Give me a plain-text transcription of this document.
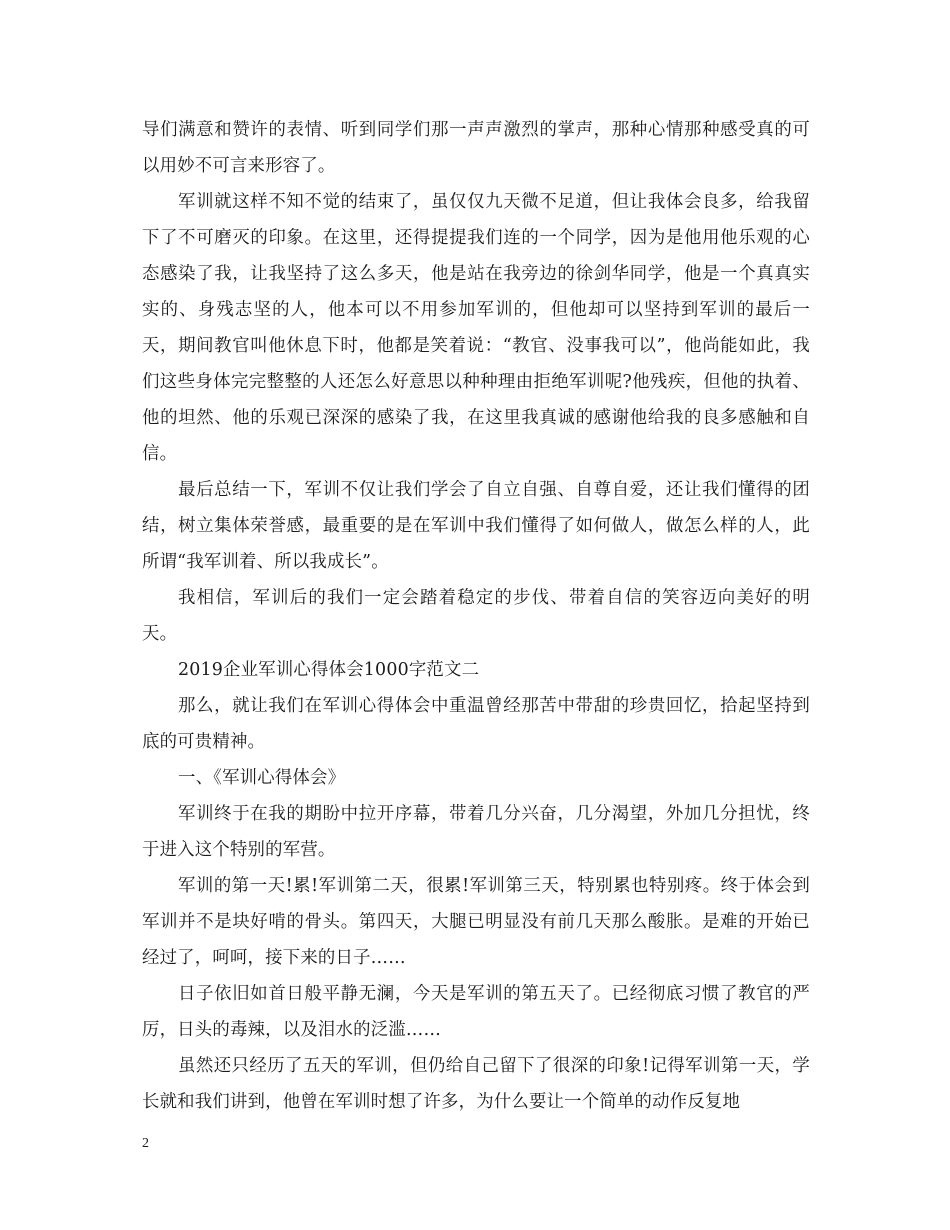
导们满意和赞许的表情、听到同学们那一声声激烈的掌声，那种心情那种感受真的可以用妙不可言来形容了。

军训就这样不知不觉的结束了，虽仅仅九天微不足道，但让我体会良多，给我留下了不可磨灭的印象。在这里，还得提提我们连的一个同学，因为是他用他乐观的心态感染了我，让我坚持了这么多天，他是站在我旁边的徐剑华同学，他是一个真真实实的、身残志坚的人，他本可以不用参加军训的，但他却可以坚持到军训的最后一天，期间教官叫他休息下时，他都是笑着说：“教官、没事我可以”，他尚能如此，我们这些身体完完整整的人还怎么好意思以种种理由拒绝军训呢?他残疾，但他的执着、他的坦然、他的乐观已深深的感染了我，在这里我真诚的感谢他给我的良多感触和自信。

最后总结一下，军训不仅让我们学会了自立自强、自尊自爱，还让我们懂得的团结，树立集体荣誉感，最重要的是在军训中我们懂得了如何做人，做怎么样的人，此所谓“我军训着、所以我成长”。

我相信，军训后的我们一定会踏着稳定的步伐、带着自信的笑容迈向美好的明天。

2019企业军训心得体会1000字范文二

那么，就让我们在军训心得体会中重温曾经那苦中带甜的珍贵回忆，拾起坚持到底的可贵精神。

一、《军训心得体会》

军训终于在我的期盼中拉开序幕，带着几分兴奋，几分渴望，外加几分担忧，终于进入这个特别的军营。

军训的第一天!累!军训第二天，很累!军训第三天，特别累也特别疼。终于体会到军训并不是块好啃的骨头。第四天，大腿已明显没有前几天那么酸胀。是难的开始已经过了，呵呵，接下来的日子……

日子依旧如首日般平静无澜，今天是军训的第五天了。已经彻底习惯了教官的严厉，日头的毒辣，以及泪水的泛滥……

虽然还只经历了五天的军训，但仍给自己留下了很深的印象!记得军训第一天，学长就和我们讲到，他曾在军训时想了许多，为什么要让一个简单的动作反复地

2
